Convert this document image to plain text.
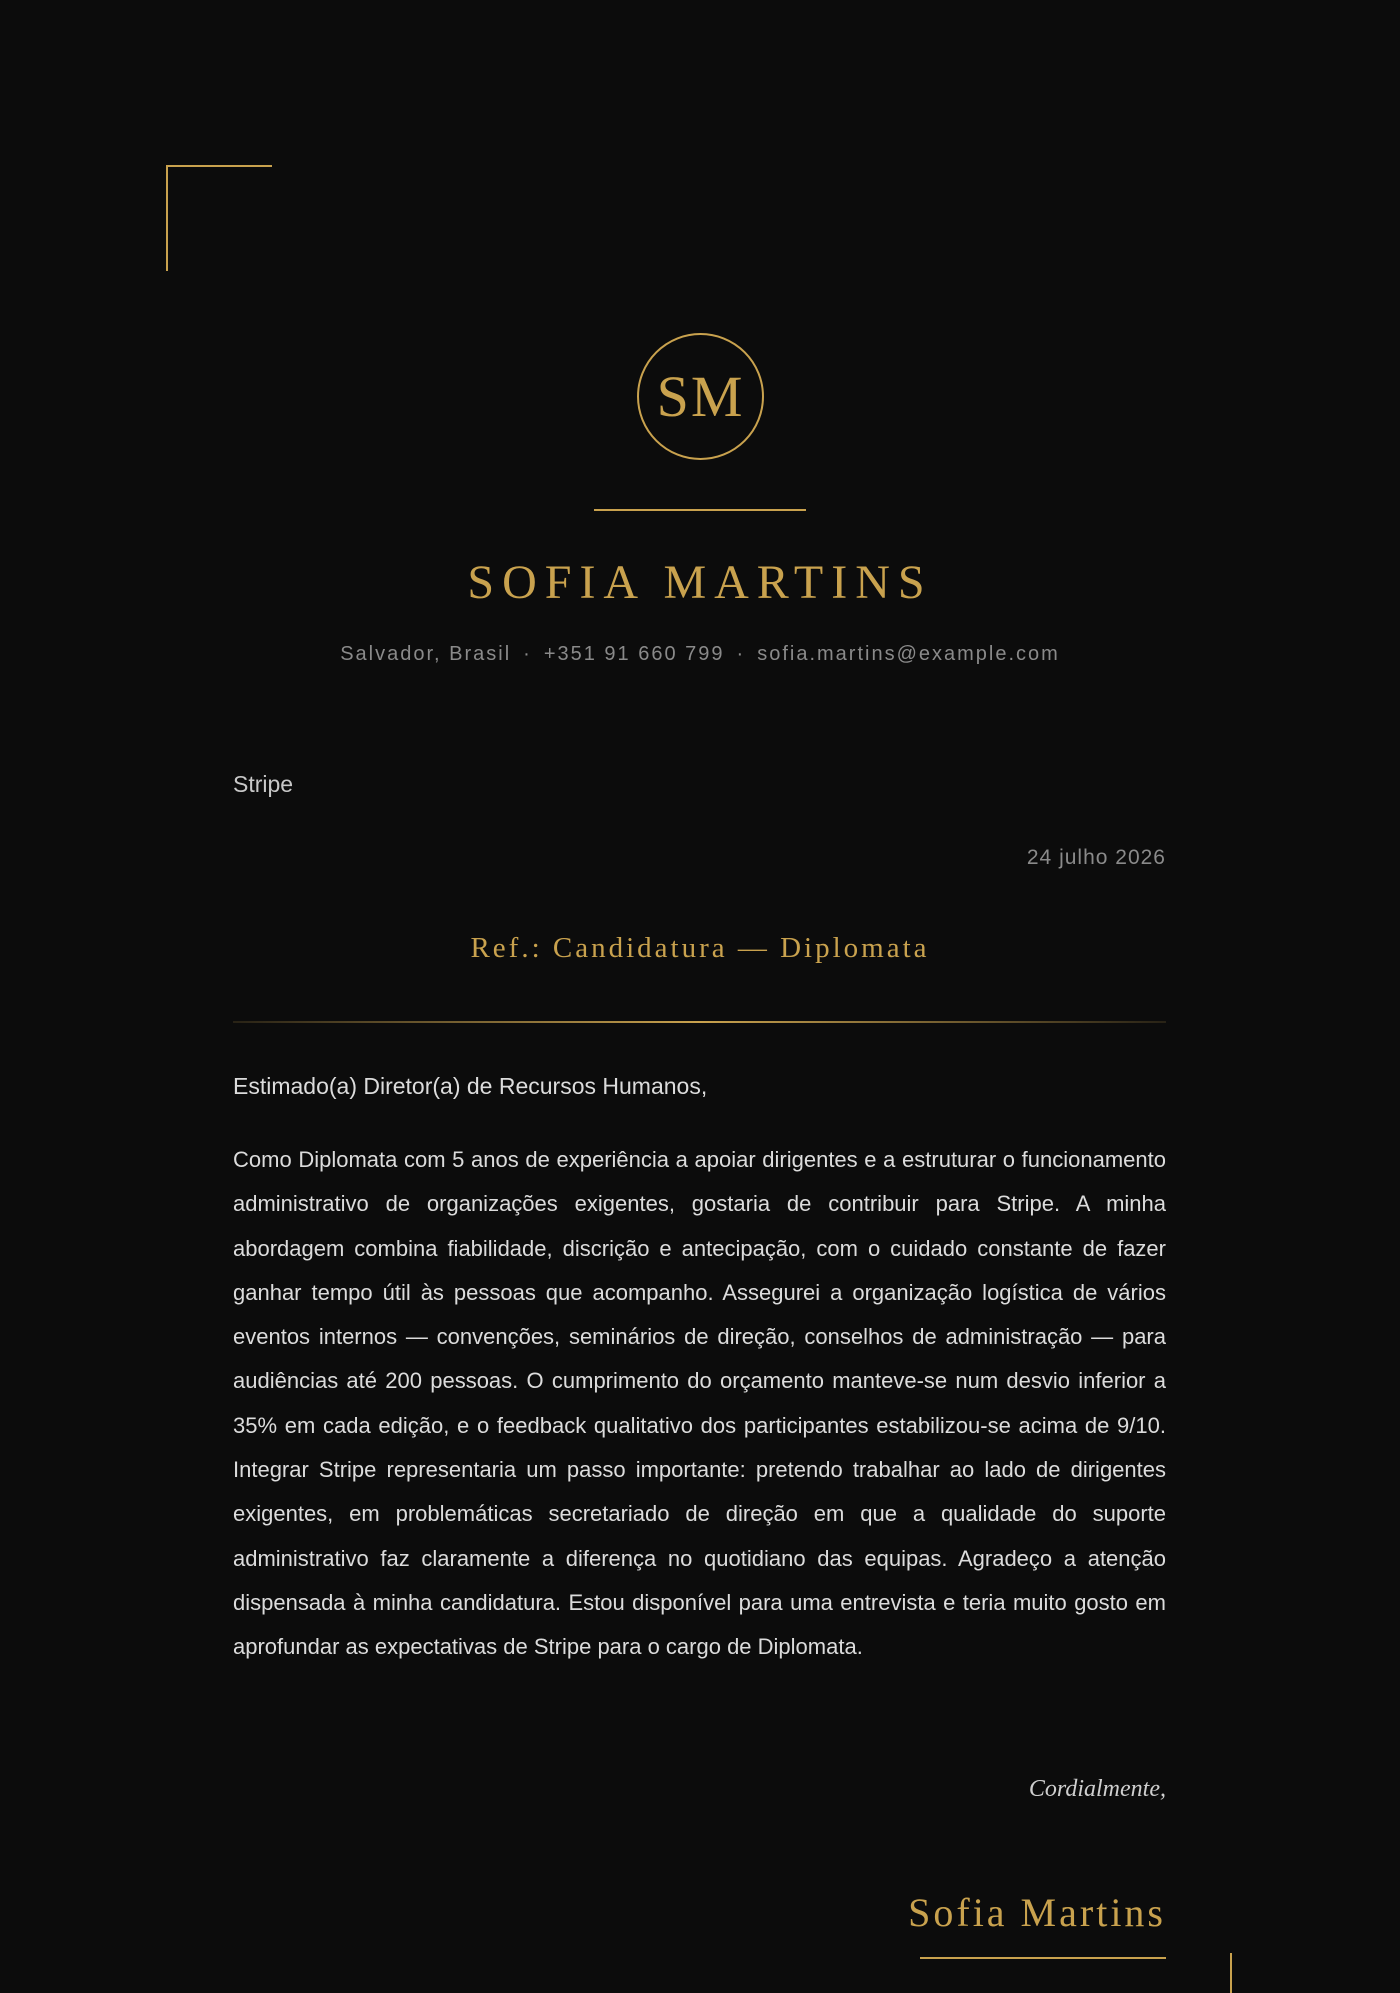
SM
SOFIA MARTINS
Salvador, Brasil · +351 91 660 799 · sofia.martins@example.com
Stripe
24 julho 2026
Ref.: Candidatura — Diplomata
Estimado(a) Diretor(a) de Recursos Humanos,

Como Diplomata com 5 anos de experiência a apoiar dirigentes e a estruturar o funcionamento administrativo de organizações exigentes, gostaria de contribuir para Stripe. A minha abordagem combina fiabilidade, discrição e antecipação, com o cuidado constante de fazer ganhar tempo útil às pessoas que acompanho. Assegurei a organização logística de vários eventos internos — convenções, seminários de direção, conselhos de administração — para audiências até 200 pessoas. O cumprimento do orçamento manteve-se num desvio inferior a 35% em cada edição, e o feedback qualitativo dos participantes estabilizou-se acima de 9/10. Integrar Stripe representaria um passo importante: pretendo trabalhar ao lado de dirigentes exigentes, em problemáticas secretariado de direção em que a qualidade do suporte administrativo faz claramente a diferença no quotidiano das equipas. Agradeço a atenção dispensada à minha candidatura. Estou disponível para uma entrevista e teria muito gosto em aprofundar as expectativas de Stripe para o cargo de Diplomata.

Cordialmente,
Sofia Martins
